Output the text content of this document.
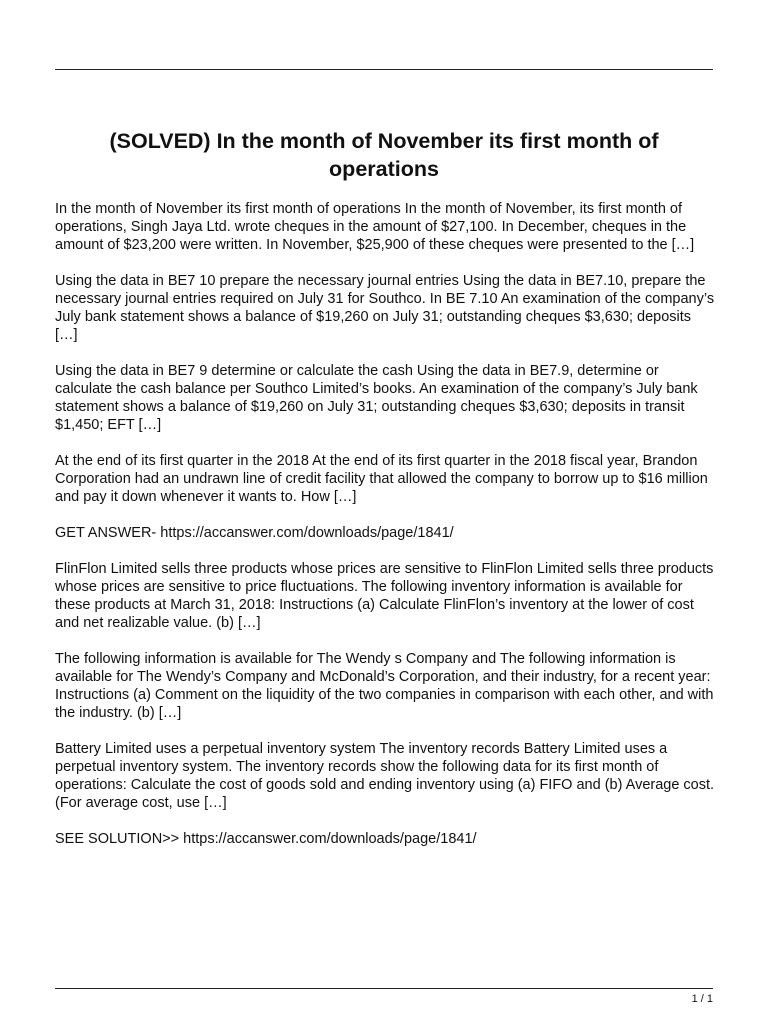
(SOLVED) In the month of November its first month of operations

In the month of November its first month of operations In the month of November, its first month of operations, Singh Jaya Ltd. wrote cheques in the amount of $27,100. In December, cheques in the amount of $23,200 were written. In November, $25,900 of these cheques were presented to the […]

Using the data in BE7 10 prepare the necessary journal entries Using the data in BE7.10, prepare the necessary journal entries required on July 31 for Southco. In BE 7.10 An examination of the company’s July bank statement shows a balance of $19,260 on July 31; outstanding cheques $3,630; deposits […]

Using the data in BE7 9 determine or calculate the cash Using the data in BE7.9, determine or calculate the cash balance per Southco Limited’s books. An examination of the company’s July bank statement shows a balance of $19,260 on July 31; outstanding cheques $3,630; deposits in transit $1,450; EFT […]

At the end of its first quarter in the 2018 At the end of its first quarter in the 2018 fiscal year, Brandon Corporation had an undrawn line of credit facility that allowed the company to borrow up to $16 million and pay it down whenever it wants to. How […]

GET ANSWER- https://accanswer.com/downloads/page/1841/

FlinFlon Limited sells three products whose prices are sensitive to FlinFlon Limited sells three products whose prices are sensitive to price fluctuations. The following inventory information is available for these products at March 31, 2018: Instructions (a) Calculate FlinFlon’s inventory at the lower of cost and net realizable value. (b) […]

The following information is available for The Wendy s Company and The following information is available for The Wendy’s Company and McDonald’s Corporation, and their industry, for a recent year: Instructions (a) Comment on the liquidity of the two companies in comparison with each other, and with the industry. (b) […]

Battery Limited uses a perpetual inventory system The inventory records Battery Limited uses a perpetual inventory system. The inventory records show the following data for its first month of operations: Calculate the cost of goods sold and ending inventory using (a) FIFO and (b) Average cost. (For average cost, use […]

SEE SOLUTION>> https://accanswer.com/downloads/page/1841/

1 / 1
